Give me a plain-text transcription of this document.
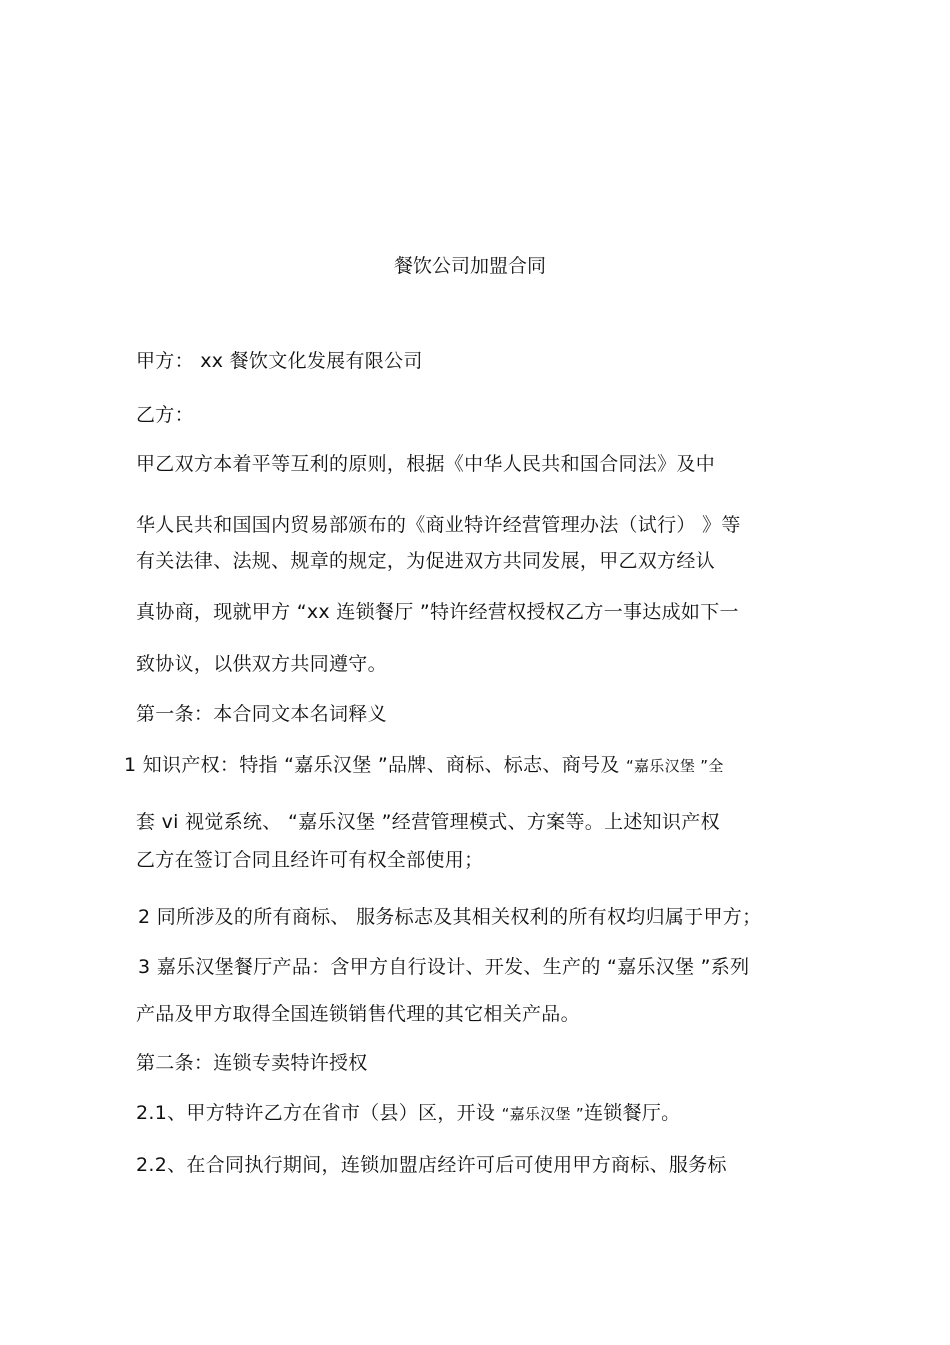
餐饮公司加盟合同
甲方： xx 餐饮文化发展有限公司
乙方：
甲乙双方本着平等互利的原则，根据《中华人民共和国合同法》及中
华人民共和国国内贸易部颁布的《商业特许经营管理办法（试行） 》等
有关法律、法规、规章的规定，为促进双方共同发展，甲乙双方经认
真协商，现就甲方 “xx 连锁餐厅 ”特许经营权授权乙方一事达成如下一
致协议，以供双方共同遵守。
第一条：本合同文本名词释义
1 知识产权：特指 “嘉乐汉堡 ”品牌、商标、标志、商号及 “嘉乐汉堡 ”全
套 vi 视觉系统、 “嘉乐汉堡 ”经营管理模式、方案等。上述知识产权
乙方在签订合同且经许可有权全部使用；
2 同所涉及的所有商标、 服务标志及其相关权利的所有权均归属于甲方；
3 嘉乐汉堡餐厅产品：含甲方自行设计、开发、生产的 “嘉乐汉堡 ”系列
产品及甲方取得全国连锁销售代理的其它相关产品。
第二条：连锁专卖特许授权
2.1、甲方特许乙方在省市（县）区，开设 “嘉乐汉堡 ”连锁餐厅。
2.2、在合同执行期间，连锁加盟店经许可后可使用甲方商标、服务标
